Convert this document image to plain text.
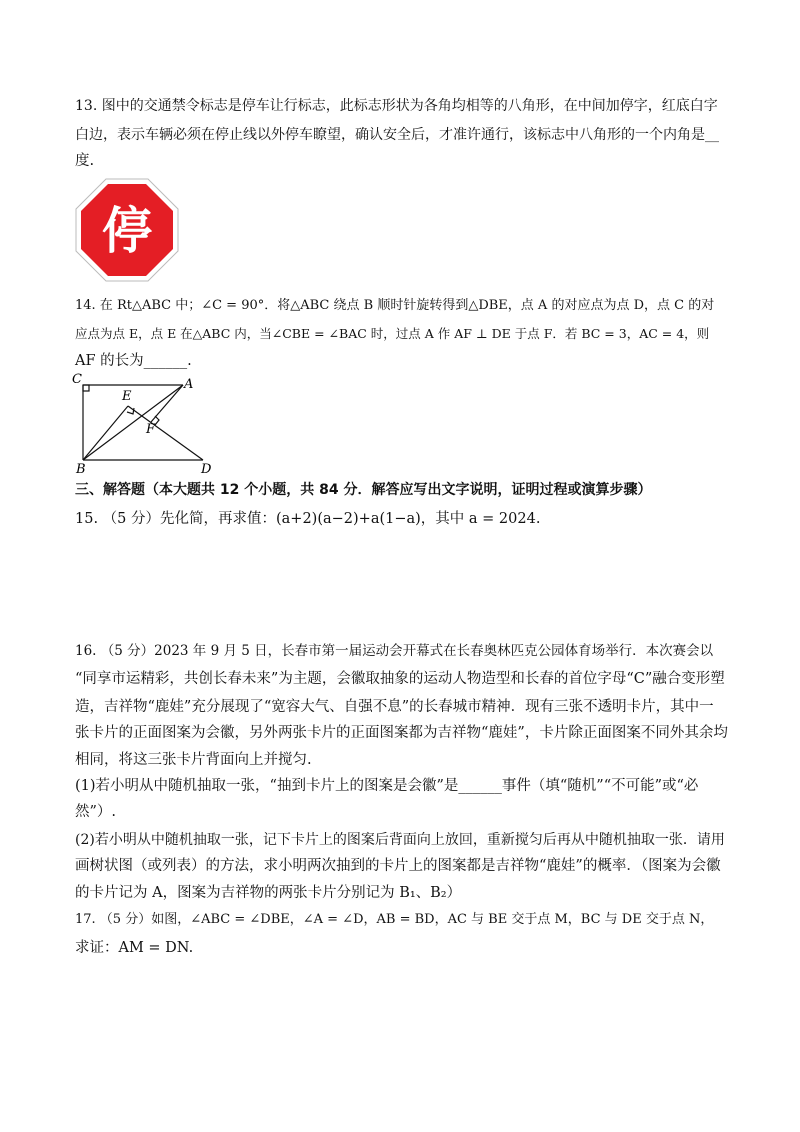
13. 图中的交通禁令标志是停车让行标志，此标志形状为各角均相等的八角形，在中间加停字，红底白字
白边，表示车辆必须在停止线以外停车瞭望，确认安全后，才准许通行，该标志中八角形的一个内角是__
度.
停
14. 在 Rt△ABC 中；∠C = 90°．将△ABC 绕点 B 顺时针旋转得到△DBE，点 A 的对应点为点 D，点 C 的对
应点为点 E，点 E 在△ABC 内，当∠CBE = ∠BAC 时，过点 A 作 AF ⊥ DE 于点 F．若 BC = 3，AC = 4，则
AF 的长为______.
C	A
E
F
B	D
三、解答题（本大题共 12 个小题，共 84 分．解答应写出文字说明，证明过程或演算步骤）
15. （5 分）先化简，再求值：(a+2)(a−2)+a(1−a)，其中 a = 2024.
16. （5 分）2023 年 9 月 5 日，长春市第一届运动会开幕式在长春奥林匹克公园体育场举行．本次赛会以
“同享市运精彩，共创长春未来”为主题，会徽取抽象的运动人物造型和长春的首位字母“C”融合变形塑
造，吉祥物“鹿娃”充分展现了“宽容大气、自强不息”的长春城市精神．现有三张不透明卡片，其中一
张卡片的正面图案为会徽，另外两张卡片的正面图案都为吉祥物“鹿娃”，卡片除正面图案不同外其余均
相同，将这三张卡片背面向上并搅匀.
(1)若小明从中随机抽取一张，“抽到卡片上的图案是会徽”是______事件（填“随机”“不可能”或“必
然”）.
(2)若小明从中随机抽取一张，记下卡片上的图案后背面向上放回，重新搅匀后再从中随机抽取一张．请用
画树状图（或列表）的方法，求小明两次抽到的卡片上的图案都是吉祥物“鹿娃”的概率．（图案为会徽
的卡片记为 A，图案为吉祥物的两张卡片分别记为 B₁、B₂）
17. （5 分）如图，∠ABC = ∠DBE，∠A = ∠D，AB = BD，AC 与 BE 交于点 M，BC 与 DE 交于点 N，
求证：AM = DN.
